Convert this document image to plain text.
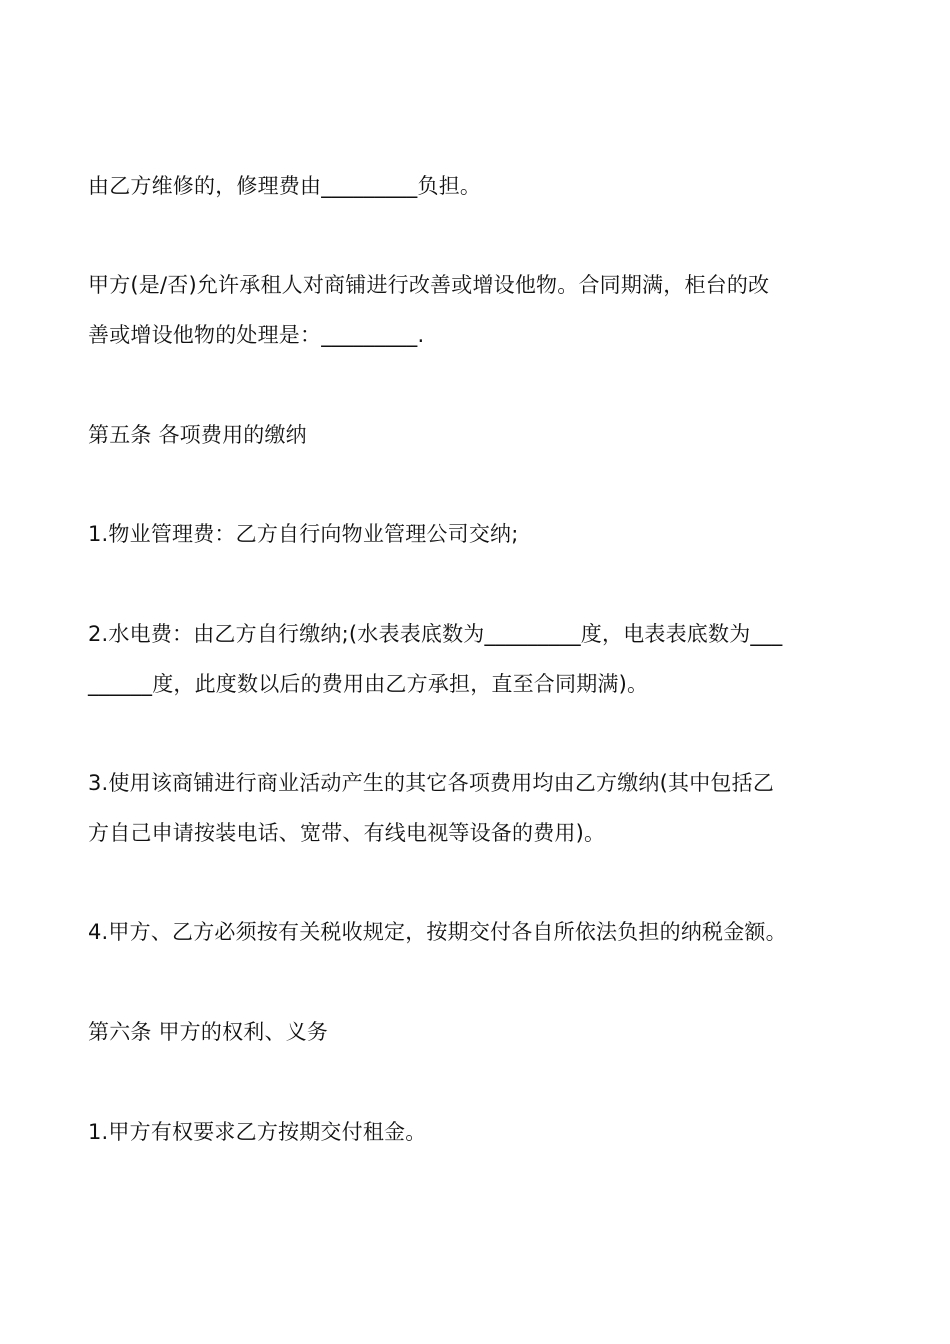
由乙方维修的，修理费由_________负担。
甲方(是/否)允许承租人对商铺进行改善或增设他物。合同期满，柜台的改
善或增设他物的处理是：_________.
第五条 各项费用的缴纳
1.物业管理费：乙方自行向物业管理公司交纳;
2.水电费：由乙方自行缴纳;(水表表底数为_________度，电表表底数为___
______度，此度数以后的费用由乙方承担，直至合同期满)。
3.使用该商铺进行商业活动产生的其它各项费用均由乙方缴纳(其中包括乙
方自己申请按装电话、宽带、有线电视等设备的费用)。
4.甲方、乙方必须按有关税收规定，按期交付各自所依法负担的纳税金额。
第六条 甲方的权利、义务
1.甲方有权要求乙方按期交付租金。
